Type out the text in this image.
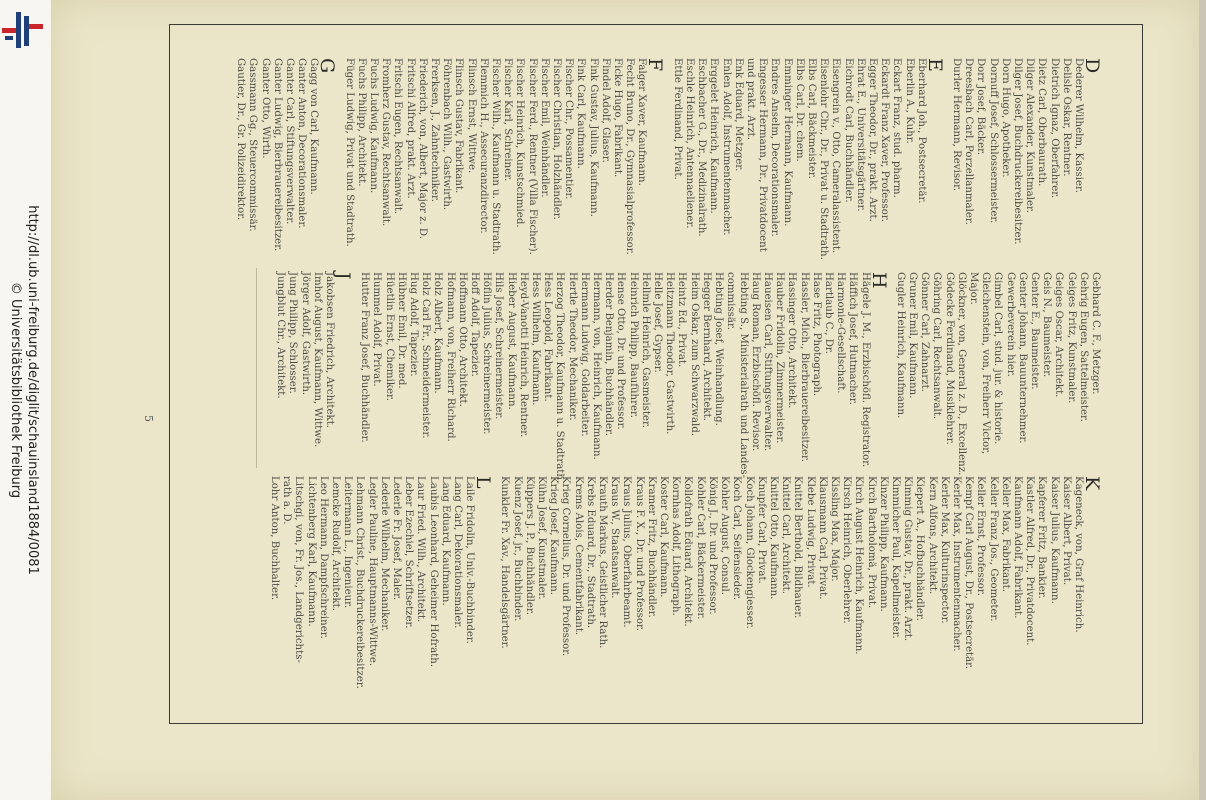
http://dl.ub.uni-freiburg.de/diglit/schauinsland1884/0081
© Universitätsbibliothek Freiburg	5
D
Dederer Wilhelm, Kassier.
Delisle Oskar, Rentner.
Dietrich Ignaz, Oberfahrer.
Dietz Carl, Oberbaurath.
Dilger Alexander, Kunstmaler.
Dilger Josef, Buchdruckereibesitzer.
Dorn Hugo, Apotheker.
Dornuff Josef, Schlossermeister.
Dorr Josef, Bäcker.
Dreesbach Carl, Porzellanmaler.
Durler Hermann, Revisor.
E
Eberhard Joh., Postsecretär.
Eberlin A., Kuhr.
Eckart Franz, stud. pharm.
Eckardt Franz Xaver, Professor.
Egger Theodor, Dr., prakt. Arzt.
Ehrat E., Universitätsgärtner.
Eichrodt Carl, Buchhändler.
Eisengrein v., Otto, Cameralassistent.
Eisenlohr Chr., Dr., Privat u. Stadtrath.
Elbs Carl, Bäckmeister.
Elbs Carl, Dr. chem.
Emminger Hermann, Kaufmann.
Endres Anselm, Decorationsmaler.
Engesser Hermann, Dr., Privatdocent
und prakt. Arzt.
Enk Eduard, Metzger.
Enlen Adolf, Instrumentenmacher.
Erggelet Heinrich, Kaufmann.
Eschbacher G., Dr., Medizinalrath.
Eschle Heinrich, Antennaeliener.
Ettle Ferdinand, Privat.
F
Falger Xaver, Kaufmann.
Fecht Bruno, Dr., Gymnasialprofessor.
Ficke Hugo, Fabrikant.
Findel Adolf, Glaser.
Fink Gustav, Julius, Kaufmann.
Fink Carl, Kaufmann.
Fischer Chr., Possamentier.
Fischer Christian, Holzhändler.
Fischer Emil, Weinhändler.
Fischer Ferd., Rentner (Villa Fischer).
Fischer Heinrich, Kunstschmied.
Fischer Karl, Schreiner.
Fischer Wilh., Kaufmann u. Stadtrath.
Flemmich H., Assecuranzdirector.
Flinsch Ernst, Wittwe.
Flinsch Gustav, Fabrikant.
Föhrenbach Wilh., Gastwirth.
Frerksen, J., Zahntechniker.
Friederich, von, Albert, Major z. D.
Fritschi Alfred, prakt. Arzt.
Fritschi Eugen, Rechtsanwalt.
Fromherz Gustav, Rechtsanwalt.
Fuchs Ludwig, Kaufmann.
Fuchs Philipp, Architekt.
Füger Ludwig, Privat und Stadtrath.
G
Gagg von Carl, Kaufmann.
Ganter Anton, Decorationsmaler.
Ganter Carl, Stiftungsverwalter.
Ganter Ludwig, Bierbrauereibesitzer.
Ganter Otto, Wirth.
Gassmann Gg., Steuercommissär.
Gautier, Dr., Gr. Polizeidirektor.
Gebhard C. F., Metzger.
Gehrig Eugen, Sattelmeister.
Geiges Fritz, Kunstmaler.
Geiges Oscar, Architekt.
Geis N., Baumeister.
Genter E., Baumeister.
Genter Johann, Bauunternehmer.
Gewerbeverein hier.
Gimbel Carl, stud. jur. & historie.
Gleichenstein, von, Freiherr Victor,
Major.
Glöckner, von, General z. D., Excellenz.
Gödecke Ferdinand, Musiklehrer.
Göhring Carl, Rechtsanwalt.
Gönner Carl, Zahnarzt.
Gruner Emil, Kaufmann.
Gugler Heinrich, Kaufmann.
H
Hägele J. M., Erzbischöfl. Registrator.
Häffich Josef, Hutmacher.
Harmonie-Gesellschaft.
Hartlaub C., Dr.
Hase Fritz, Photograph.
Hassler, Mich., Bierbrauereibesitzer.
Hassinger Otto, Architekt.
Hauber Fridolin, Zimmermeister.
Haueisen Carl, Stiftungsverwalter.
Haug Roman, Erzbischöfl. Revisor.
Hebting S., Ministerialrath und Landes-
commissär.
Hebting Josef, Weinhandlung.
Hegger Bernhard, Architekt.
Heim Oskar, zum Schwarzwald.
Heintz Ed., Privat.
Heitzmann Theodor, Gastwirth.
Helle Josef, Gypser.
Hellmle Heinrich, Gasmeister.
Heinrich Philipp, Bauführer.
Hense Otto, Dr. und Professor.
Herder Benjamin, Buchhändler.
Hermann, von, Heinrich, Kaufmann.
Hermann Ludwig, Goldarbeiter.
Hertle Theodor, Mechaniker.
Herzog Theodor, Kaufmann u. Stadtrath.
Hess Leopold, Fabrikant.
Hess Wilhelm, Kaufmann.
Heyd-Vanotti Heinrich, Rentner.
Hieber August, Kaufmann.
Hils Josef, Schreinermeister.
Höflin Julius, Schreinermeister.
Hoff Adolf, Tapezier.
Hoffmann Otto, Architekt.
Hofmann, von, Freiherr Richard.
Holz Albert, Kaufmann.
Holz Carl Fr., Schneidermeister.
Hug Adolf, Tapezier.
Hübner Emil, Dr. med.
Hüetlin Ernst, Chemiker.
Hummel Adolf, Privat.
Hutter Franz Josef, Buchhändler.
J
Jakobsen Friedrich, Architekt.
Imhof August, Kaufmann, Wittwe.
Jörger Adolf, Gastwirth.
Jung Philipp, Schlosser.
Jungblut Chr., Architekt.
K
Kageneck, von, Graf Heinrich.
Kaiser Albert, Privat.
Kaiser Julius, Kaufmann.
Kapferer Fritz, Bankier.
Kastler Alfred, Dr., Privatdocent.
Kaufmann Adolf, Fabrikant.
Keller Max, Fabrikant.
Keller Franz Jos., Geometer.
Keller Ernst, Professor.
Kempf Carl August, Dr., Postsecretär.
Kerler Max, Instrumentenmacher.
Kerler Max, Kulturinspector.
Kern Alfons, Architekt.
Kiepert A., Hofbuchhändler.
Kimmig Gustav, Dr., prakt. Arzt.
Kimmicher Paul, Kapellmeister.
Kinzer Philipp, Kaufmann.
Kirch Bartholomä, Privat.
Kirch August Heinrich, Kaufmann.
Kirsch Heinrich, Oberlehrer.
Kissling Max, Major.
Klausmann Carl, Privat.
Klebe Ludwig, Privat.
Knittel Berthold, Bildhauer.
Knittel Carl, Architekt.
Knittel Otto, Kaufmann.
Knupfer Carl, Privat.
Koch Johann, Glockengiesser.
Koch Carl, Seifensieder.
Kohler August, Consul.
König J., Dr. und Professor.
Kohler Carl, Bäckermeister.
Kollofrath Eduard, Architekt.
Kornhas Adolf, Lithograph.
Koster Carl, Kaufmann.
Kramer Fritz, Buchhändler.
Kraus F. X., Dr. und Professor.
Kraus Julius, Oberfahrbeamt.
Kraus W., Staatsanwalt.
Krauth Markus, Geistlicher Rath.
Krebs Eduard, Dr., Stadtrath.
Krems Alois, Cementfabrikant.
Krieg Cornelius, Dr. und Professor.
Krieg Josef, Kaufmann.
Kühn Josef, Kunstmaler.
Küppers J. P., Buchhändler.
Kuenz Josef, jr., Buchbinder.
Kunkler Fr. Xav., Handelsgärtner.
L
Laile Fridolin, Univ.-Buchbinder.
Lang Carl, Dekorationsmaler.
Lang Eduard, Kaufmann.
Laubis Leonhard, Geheimer Hofrath.
Laur Fried. Wilh., Architekt.
Leber Ezechiel, Schriftsetzer.
Lederle Fr. Josef, Maler.
Lederle Wilhelm, Mechaniker.
Legler Pauline, Hauptmanns-Wittwe.
Lehmann Christ., Buchdruckereibesitzer.
Leitermann L., Ingenieur.
Lemcke Rudolf, Architekt.
Leo Hermann, Dampfschreiner.
Lichtenberg Karl, Kaufmann.
Litschgi, von, Fr. Jos., Landgerichts-
rath a. D.
Lohr Anton, Buchhalter.
